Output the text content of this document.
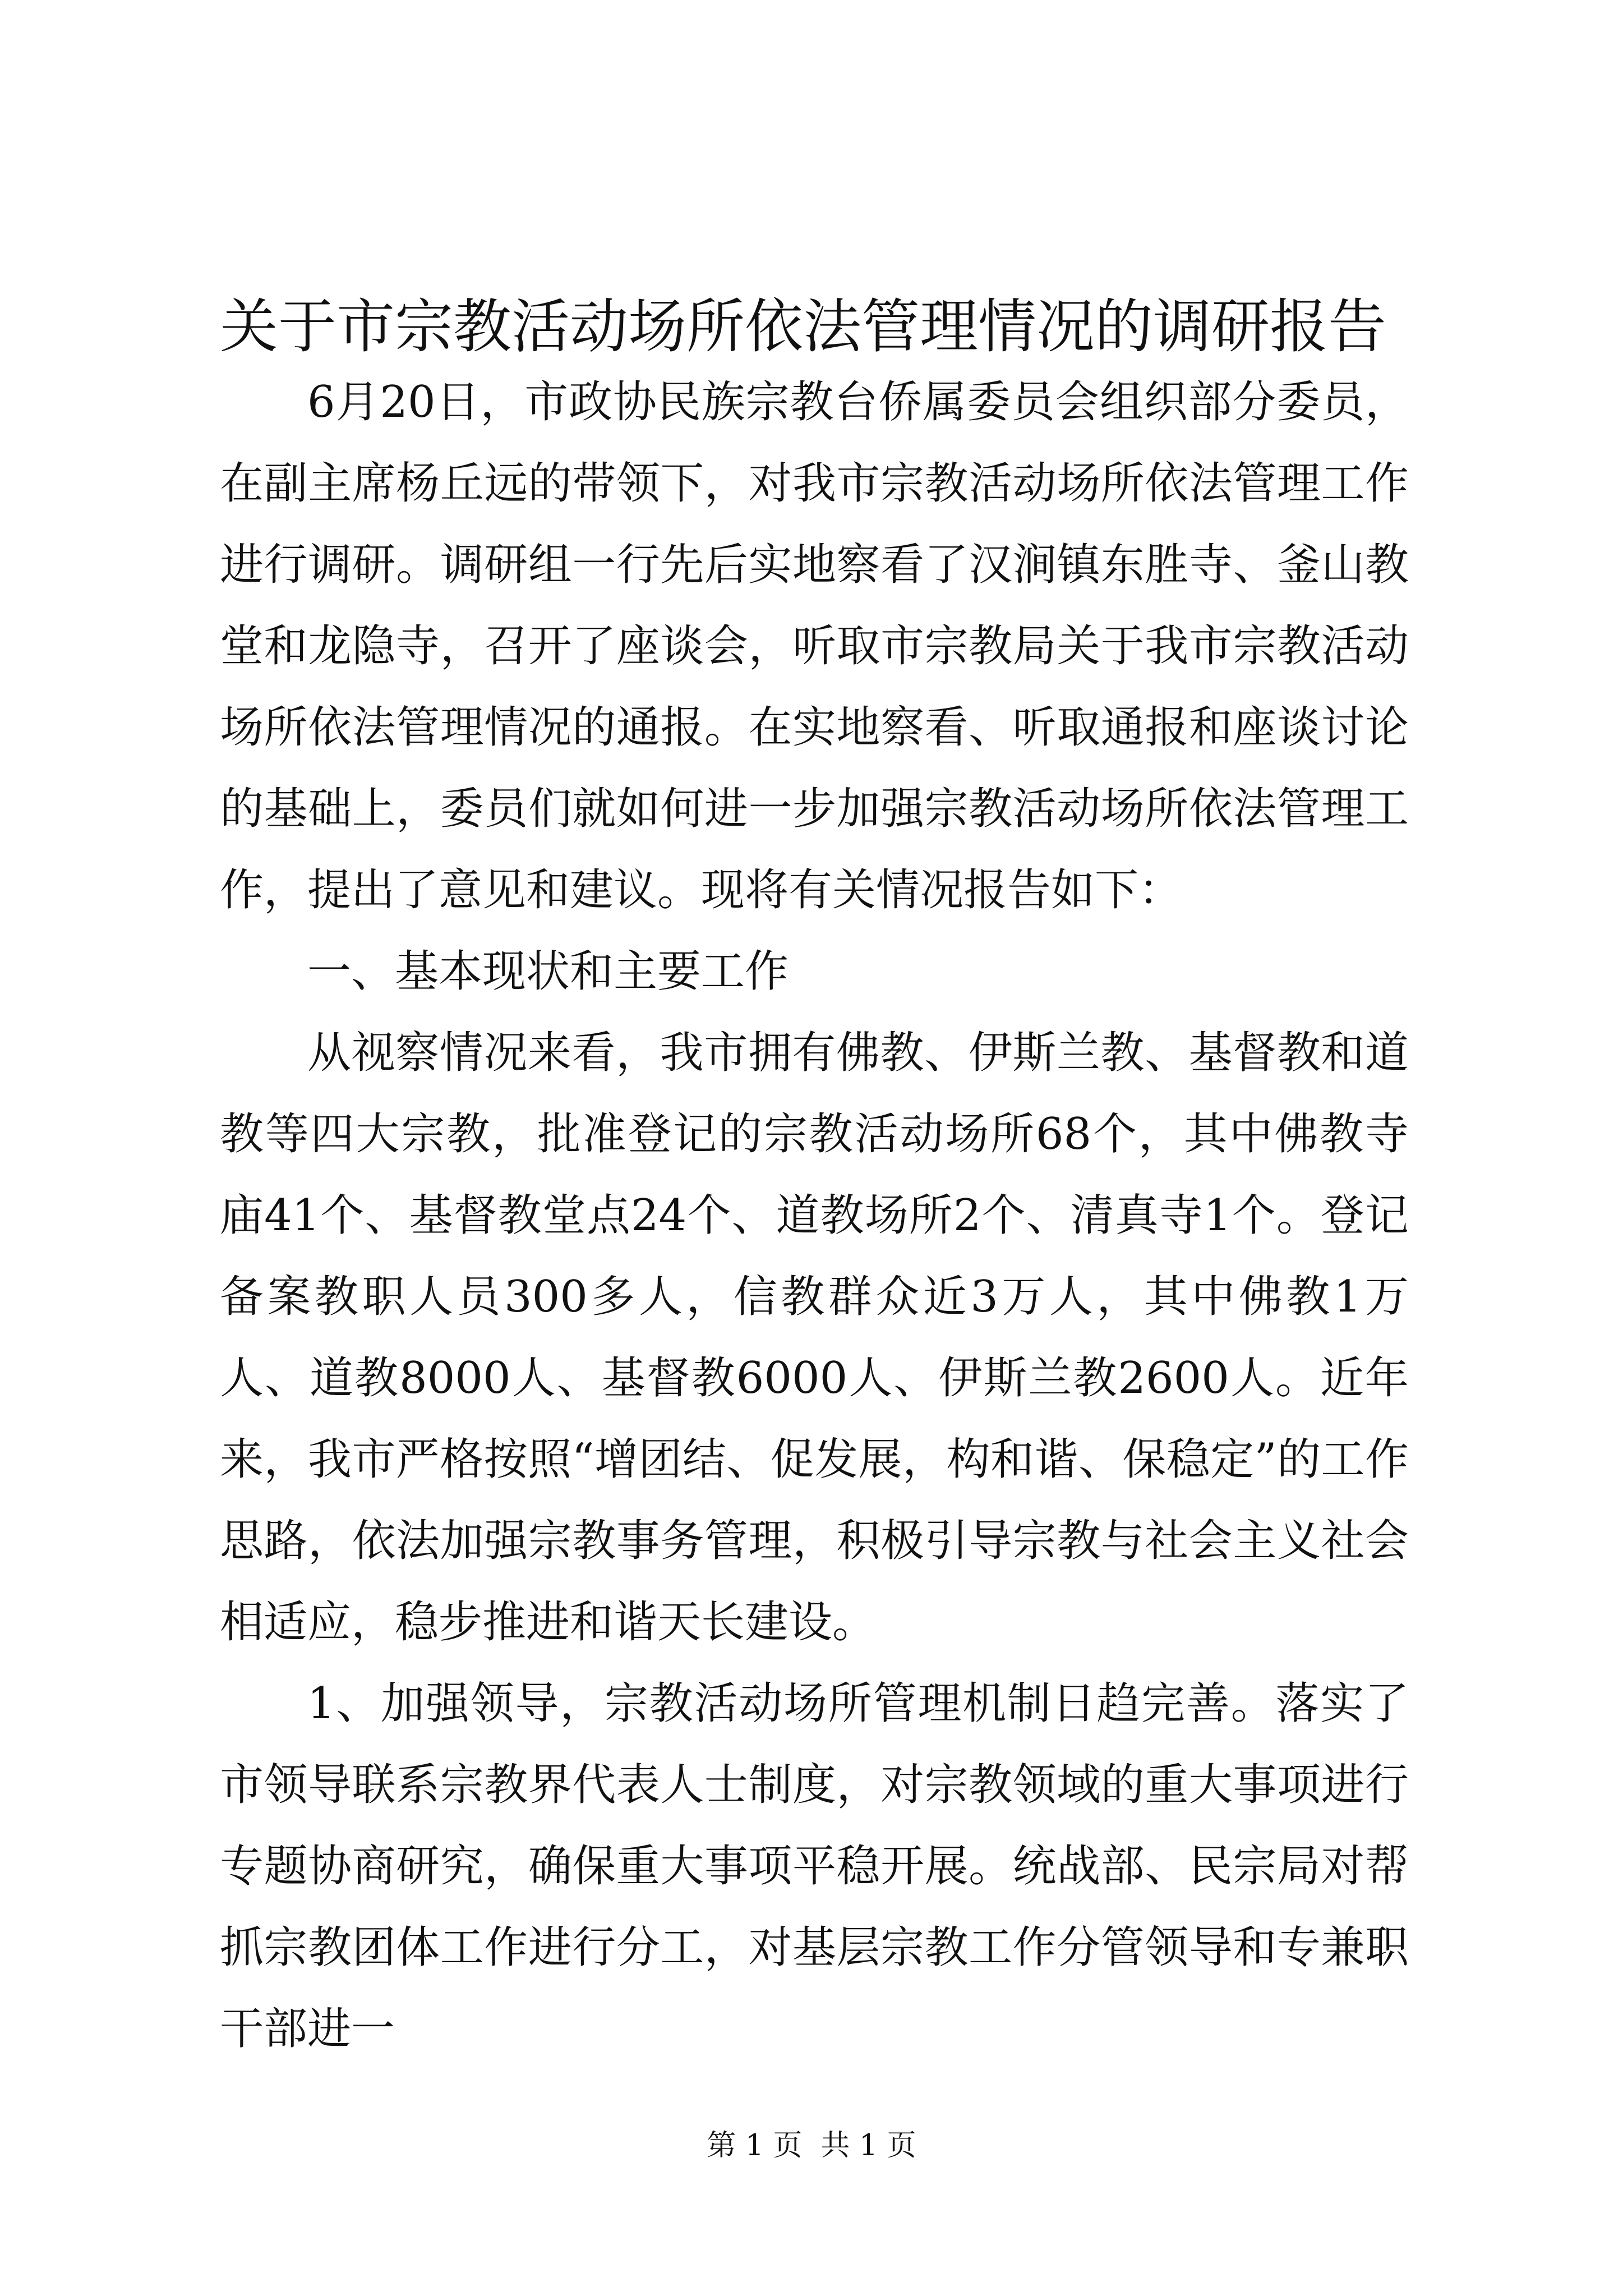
关于市宗教活动场所依法管理情况的调研报告

6月20日，市政协民族宗教台侨属委员会组织部分委员，在副主席杨丘远的带领下，对我市宗教活动场所依法管理工作进行调研。调研组一行先后实地察看了汉涧镇东胜寺、釜山教堂和龙隐寺，召开了座谈会，听取市宗教局关于我市宗教活动场所依法管理情况的通报。在实地察看、听取通报和座谈讨论的基础上，委员们就如何进一步加强宗教活动场所依法管理工作，提出了意见和建议。现将有关情况报告如下：

一、基本现状和主要工作

从视察情况来看，我市拥有佛教、伊斯兰教、基督教和道教等四大宗教，批准登记的宗教活动场所68个，其中佛教寺庙41个、基督教堂点24个、道教场所2个、清真寺1个。登记备案教职人员300多人，信教群众近3万人，其中佛教1万人、道教8000人、基督教6000人、伊斯兰教2600人。近年来，我市严格按照“增团结、促发展，构和谐、保稳定”的工作思路，依法加强宗教事务管理，积极引导宗教与社会主义社会相适应，稳步推进和谐天长建设。

1、加强领导，宗教活动场所管理机制日趋完善。落实了市领导联系宗教界代表人士制度，对宗教领域的重大事项进行专题协商研究，确保重大事项平稳开展。统战部、民宗局对帮抓宗教团体工作进行分工，对基层宗教工作分管领导和专兼职干部进一

第 1 页  共 1 页
